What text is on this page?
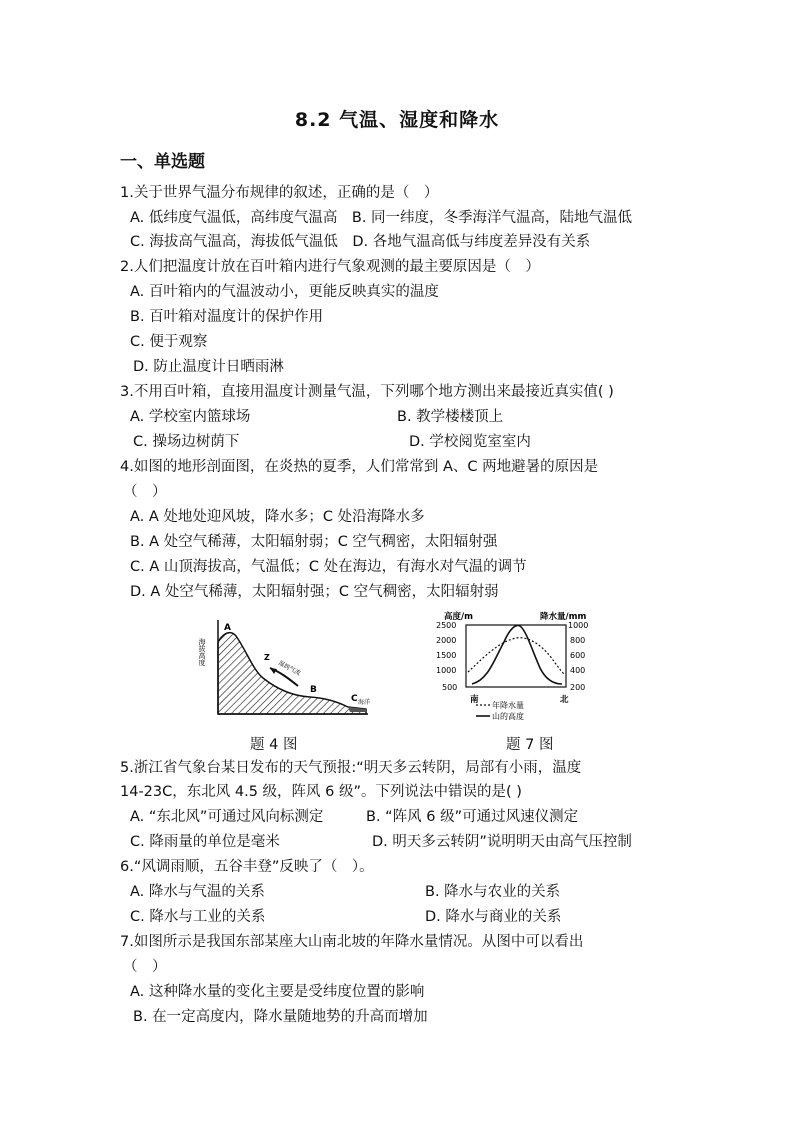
8.2 气温、湿度和降水
一、单选题
1.关于世界气温分布规律的叙述，正确的是（　）
A. 低纬度气温低，高纬度气温高　B. 同一纬度，冬季海洋气温高，陆地气温低
C. 海拔高气温高，海拔低气温低　D. 各地气温高低与纬度差异没有关系
2.人们把温度计放在百叶箱内进行气象观测的最主要原因是（　）
A. 百叶箱内的气温波动小，更能反映真实的温度
B. 百叶箱对温度计的保护作用
C. 便于观察
D. 防止温度计日晒雨淋
3.不用百叶箱，直接用温度计测量气温，下列哪个地方测出来最接近真实值( )
A. 学校室内篮球场	B. 教学楼楼顶上
C. 操场边树荫下	D. 学校阅览室室内
4.如图的地形剖面图，在炎热的夏季，人们常常到 A、C 两地避暑的原因是
（　）
A. A 处地处迎风坡，降水多；C 处沿海降水多
B. A 处空气稀薄，太阳辐射弱；C 空气稠密，太阳辐射强
C. A 山顶海拔高，气温低；C 处在海边，有海水对气温的调节
D. A 处空气稀薄，太阳辐射强；C 空气稠密，太阳辐射弱
A
B
C
Z
海洋
海拔高度
湿润气流
题 4 图
高度/m	降水量/mm
2500
2000
1500
1000
500
1000
800
600
400
200
南	北
年降水量
山的高度
题 7 图
5.浙江省气象台某日发布的天气预报:“明天多云转阴，局部有小雨，温度
14-23C，东北风 4.5 级，阵风 6 级”。下列说法中错误的是( )
A. “东北风”可通过风向标测定	B. “阵风 6 级”可通过风速仪测定
C. 降雨量的单位是毫米	D. 明天多云转阴”说明明天由高气压控制
6.“风调雨顺，五谷丰登”反映了（　）。
A. 降水与气温的关系	B. 降水与农业的关系
C. 降水与工业的关系	D. 降水与商业的关系
7.如图所示是我国东部某座大山南北坡的年降水量情况。从图中可以看出
（　）
A. 这种降水量的变化主要是受纬度位置的影响
B. 在一定高度内，降水量随地势的升高而增加
